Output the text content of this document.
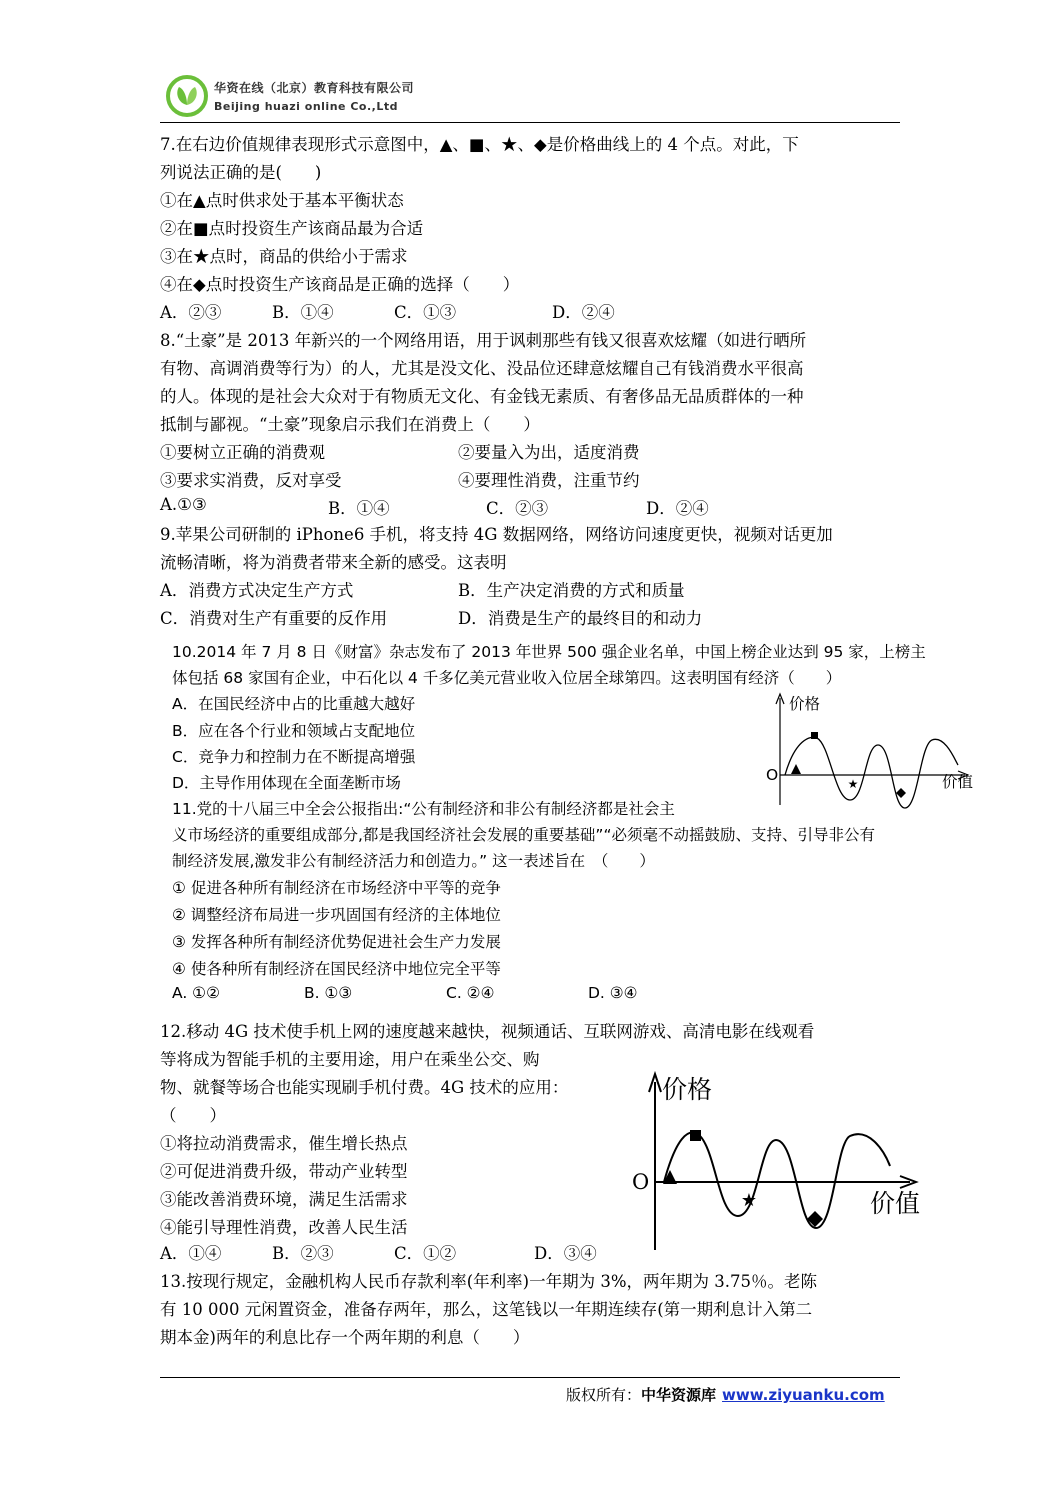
华资在线（北京）教育科技有限公司
Beijing huazi online Co.,Ltd
7.在右边价值规律表现形式示意图中，▲、■、★、◆是价格曲线上的 4 个点。对此，下
列说法正确的是(　　)
①在▲点时供求处于基本平衡状态
②在■点时投资生产该商品最为合适
③在★点时，商品的供给小于需求
④在◆点时投资生产该商品是正确的选择（　　）
A．②③	B．①④	C．①③	D．②④
8.“土豪”是 2013 年新兴的一个网络用语，用于讽刺那些有钱又很喜欢炫耀（如进行晒所
有物、高调消费等行为）的人，尤其是没文化、没品位还肆意炫耀自己有钱消费水平很高
的人。体现的是社会大众对于有物质无文化、有金钱无素质、有奢侈品无品质群体的一种
抵制与鄙视。“土豪”现象启示我们在消费上（　　）
①要树立正确的消费观	②要量入为出，适度消费
③要求实消费，反对享受	④要理性消费，注重节约
A.①③	B．①④	C．②③	D．②④
9.苹果公司研制的 iPhone6 手机，将支持 4G 数据网络，网络访问速度更快，视频对话更加
流畅清晰，将为消费者带来全新的感受。这表明
A．消费方式决定生产方式	B．生产决定消费的方式和质量
C．消费对生产有重要的反作用	D．消费是生产的最终目的和动力
10.2014 年 7 月 8 日《财富》杂志发布了 2013 年世界 500 强企业名单，中国上榜企业达到 95 家，上榜主
体包括 68 家国有企业，中石化以 4 千多亿美元营业收入位居全球第四。这表明国有经济（　　）
A．在国民经济中占的比重越大越好
B．应在各个行业和领域占支配地位
C．竞争力和控制力在不断提高增强
D．主导作用体现在全面垄断市场	★
价格
价值
O
11.党的十八届三中全会公报指出:“公有制经济和非公有制经济都是社会主
义市场经济的重要组成部分,都是我国经济社会发展的重要基础”“必须毫不动摇鼓励、支持、引导非公有
制经济发展,激发非公有制经济活力和创造力。” 这一表述旨在　（　　）
① 促进各种所有制经济在市场经济中平等的竞争
② 调整经济布局进一步巩固国有经济的主体地位
③ 发挥各种所有制经济优势促进社会生产力发展
④ 使各种所有制经济在国民经济中地位完全平等
A. ①②	B. ①③	C. ②④	D. ③④
12.移动 4G 技术使手机上网的速度越来越快，视频通话、互联网游戏、高清电影在线观看
等将成为智能手机的主要用途，用户在乘坐公交、购
物、就餐等场合也能实现刷手机付费。4G 技术的应用：
（　　）
①将拉动消费需求，催生增长热点
②可促进消费升级，带动产业转型
③能改善消费环境，满足生活需求
④能引导理性消费，改善人民生活
A．①④	B．②③	C．①②	D．③④
★
价格
价值
O
13.按现行规定，金融机构人民币存款利率(年利率)一年期为 3%，两年期为 3.75％。老陈
有 10 000 元闲置资金，准备存两年，那么，这笔钱以一年期连续存(第一期利息计入第二
期本金)两年的利息比存一个两年期的利息（　　）
版权所有：中华资源库 www.ziyuanku.com
